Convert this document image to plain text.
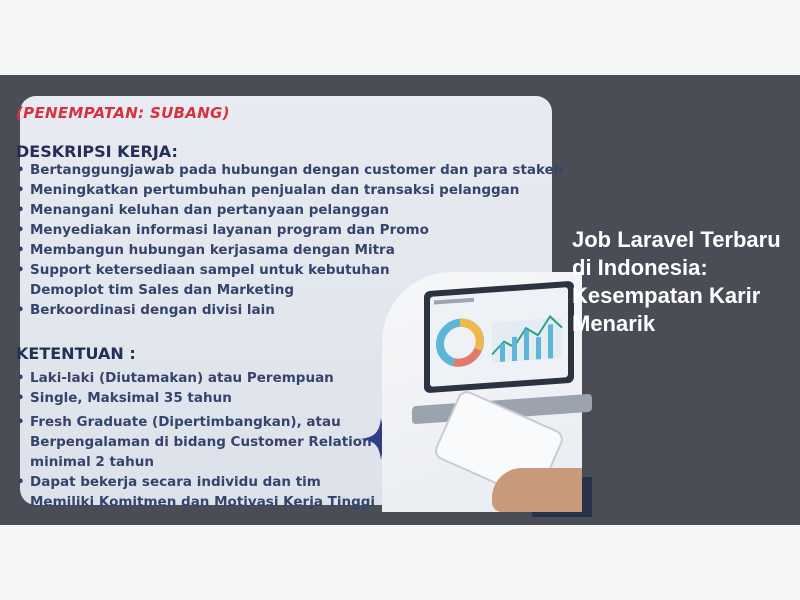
(PENEMPATAN: SUBANG)
DESKRIPSI KERJA:
• Bertanggungjawab pada hubungan dengan customer dan para stakeh
• Meningkatkan pertumbuhan penjualan dan transaksi pelanggan
• Menangani keluhan dan pertanyaan pelanggan
• Menyediakan informasi layanan program dan Promo
• Membangun hubungan kerjasama dengan Mitra
• Support ketersediaan sampel untuk kebutuhan
Demoplot tim Sales dan Marketing
• Berkoordinasi dengan divisi lain
KETENTUAN :
• Laki-laki (Diutamakan) atau Perempuan
• Single, Maksimal 35 tahun
• Fresh Graduate (Dipertimbangkan), atau
Berpengalaman di bidang Customer Relation
minimal 2 tahun
• Dapat bekerja secara individu dan tim
Memiliki Komitmen dan Motivasi Kerja Tinggi
Job Laravel Terbaru di Indonesia: Kesempatan Karir Menarik
